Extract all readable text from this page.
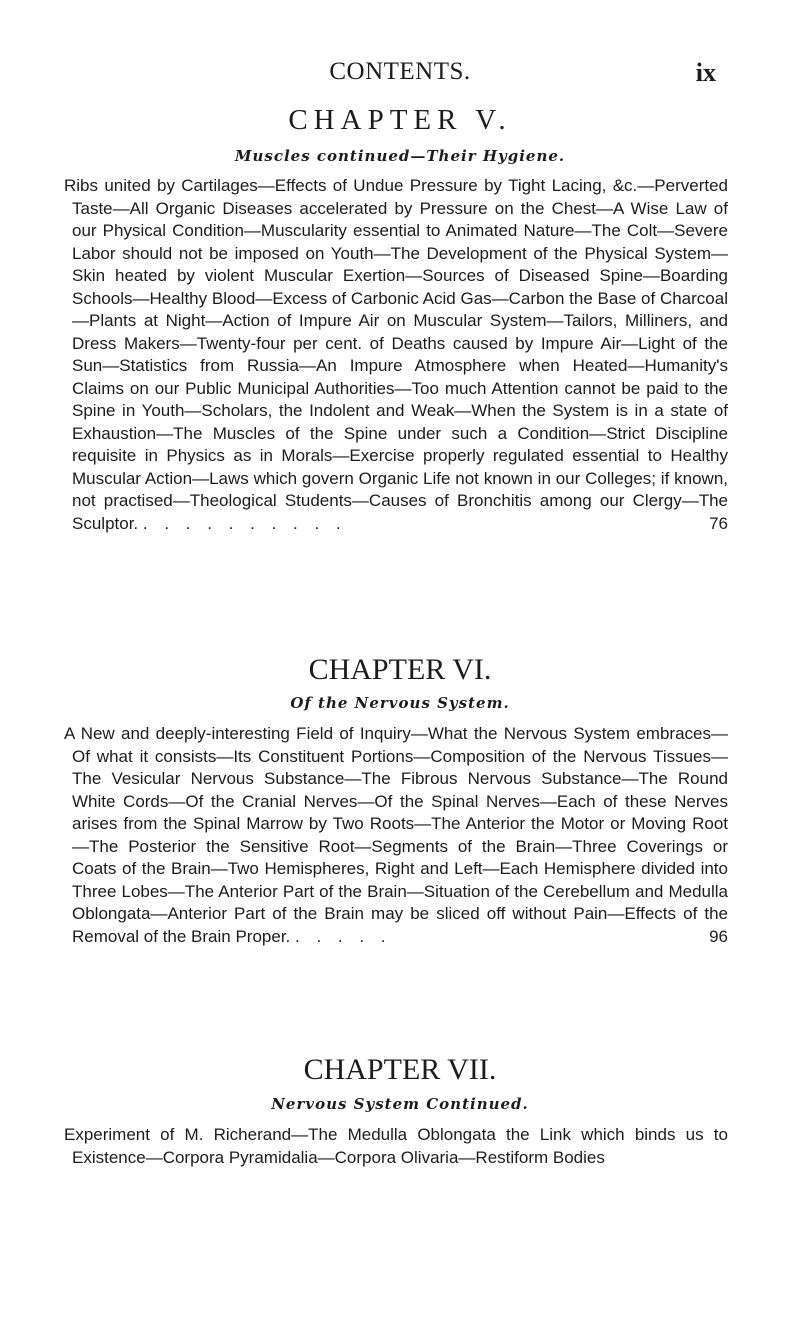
CONTENTS.	ix
CHAPTER V.
Muscles continued—Their Hygiene.
Ribs united by Cartilages—Effects of Undue Pressure by Tight Lacing, &c.—Perverted Taste—All Organic Diseases accelerated by Pressure on the Chest—A Wise Law of our Physical Condition—Muscularity essential to Animated Nature—The Colt—Severe Labor should not be imposed on Youth—The Development of the Physical System—Skin heated by violent Muscular Exertion—Sources of Diseased Spine—Boarding Schools—Healthy Blood—Excess of Carbonic Acid Gas—Carbon the Base of Charcoal—Plants at Night—Action of Impure Air on Muscular System—Tailors, Milliners, and Dress Makers—Twenty-four per cent. of Deaths caused by Impure Air—Light of the Sun—Statistics from Russia—An Impure Atmosphere when Heated—Humanity's Claims on our Public Municipal Authorities—Too much Attention cannot be paid to the Spine in Youth—Scholars, the Indolent and Weak—When the System is in a state of Exhaustion—The Muscles of the Spine under such a Condition—Strict Discipline requisite in Physics as in Morals—Exercise properly regulated essential to Healthy Muscular Action—Laws which govern Organic Life not known in our Colleges; if known, not practised—Theological Students—Causes of Bronchitis among our Clergy—The Sculptor. . . . . . . . . . .	76
CHAPTER VI.
Of the Nervous System.
A New and deeply-interesting Field of Inquiry—What the Nervous System embraces—Of what it consists—Its Constituent Portions—Composition of the Nervous Tissues—The Vesicular Nervous Substance—The Fibrous Nervous Substance—The Round White Cords—Of the Cranial Nerves—Of the Spinal Nerves—Each of these Nerves arises from the Spinal Marrow by Two Roots—The Anterior the Motor or Moving Root—The Posterior the Sensitive Root—Segments of the Brain—Three Coverings or Coats of the Brain—Two Hemispheres, Right and Left—Each Hemisphere divided into Three Lobes—The Anterior Part of the Brain—Situation of the Cerebellum and Medulla Oblongata—Anterior Part of the Brain may be sliced off without Pain—Effects of the Removal of the Brain Proper. . . . . .	96
CHAPTER VII.
Nervous System Continued.
Experiment of M. Richerand—The Medulla Oblongata the Link which binds us to Existence—Corpora Pyramidalia—Corpora Olivaria—Restiform Bodies
